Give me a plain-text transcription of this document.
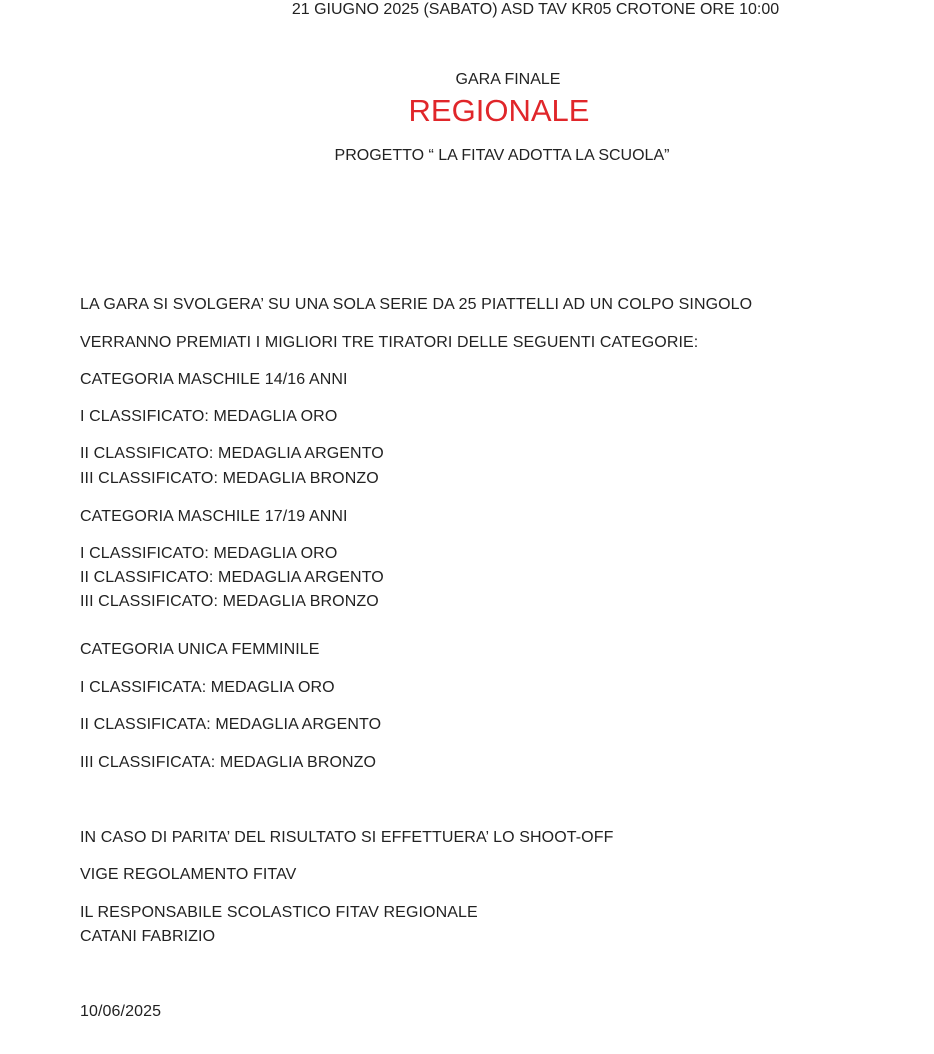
GARA FINALE
REGIONALE
PROGETTO “ LA FITAV ADOTTA LA SCUOLA”
21 GIUGNO 2025 (SABATO) ASD TAV KR05 CROTONE ORE 10:00
LA GARA SI SVOLGERA’ SU UNA SOLA SERIE DA 25 PIATTELLI AD UN COLPO SINGOLO
VERRANNO PREMIATI I MIGLIORI TRE TIRATORI DELLE SEGUENTI CATEGORIE:
CATEGORIA MASCHILE 14/16 ANNI
I CLASSIFICATO: MEDAGLIA ORO
II CLASSIFICATO: MEDAGLIA ARGENTO
III CLASSIFICATO: MEDAGLIA BRONZO
CATEGORIA MASCHILE 17/19 ANNI
I CLASSIFICATO: MEDAGLIA ORO
II CLASSIFICATO: MEDAGLIA ARGENTO
III CLASSIFICATO: MEDAGLIA BRONZO
CATEGORIA UNICA FEMMINILE
I CLASSIFICATA: MEDAGLIA ORO
II CLASSIFICATA: MEDAGLIA ARGENTO
III CLASSIFICATA: MEDAGLIA BRONZO
IN CASO DI PARITA’ DEL RISULTATO SI EFFETTUERA’ LO SHOOT-OFF
VIGE REGOLAMENTO FITAV
IL RESPONSABILE SCOLASTICO FITAV REGIONALE
CATANI FABRIZIO
10/06/2025
